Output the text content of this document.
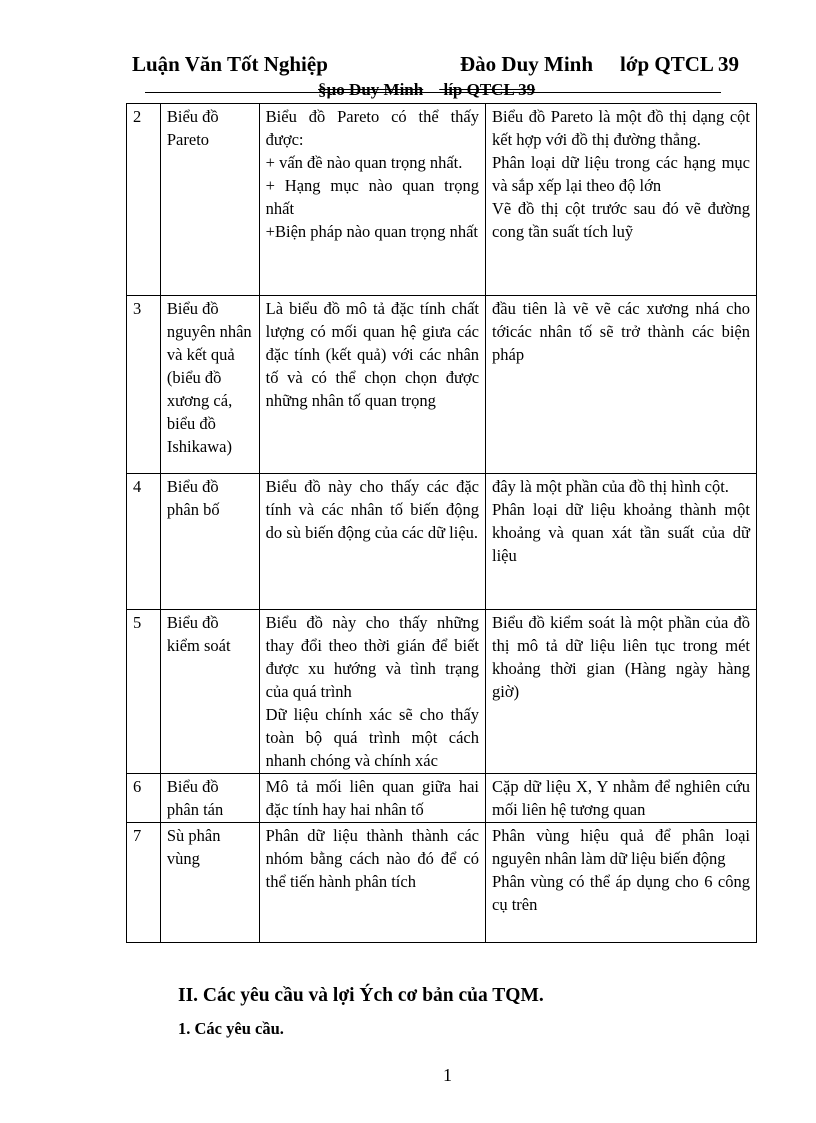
Luận Văn Tốt Nghiệp	Đào Duy Minh lớp QTCL 39
§µo Duy Minh líp QTCL 39
2	Biểu đồ Pareto	Biểu đồ Pareto có thể thấy được:
+ vấn đề nào quan trọng nhất.
+ Hạng mục nào quan trọng nhất
+Biện pháp nào quan trọng nhất	Biểu đồ Pareto là một đồ thị dạng cột kết hợp với đồ thị đường thẳng.
Phân loại dữ liệu trong các hạng mục và sắp xếp lại theo độ lớn
Vẽ đồ thị cột trước sau đó vẽ đường cong tần suất tích luỹ

3	Biểu đồ nguyên nhân và kết quả (biểu đồ xương cá, biểu đồ Ishikawa)	Là biểu đồ mô tả đặc tính chất lượng có mối quan hệ giưa các đặc tính (kết quả) với các nhân tố và có thể chọn chọn được những nhân tố quan trọng	đầu tiên là vẽ vẽ các xương nhá cho tớicác nhân tố sẽ trở thành các biện pháp

4	Biểu đồ phân bố	Biểu đồ này cho thấy các đặc tính và các nhân tố biến động do sù biến động của các dữ liệu.	đây là một phần của đồ thị hình cột.
Phân loại dữ liệu khoảng thành một khoảng và quan xát tần suất của dữ liệu

5	Biểu đồ kiểm soát	Biểu đồ này cho thấy những thay đổi theo thời gián để biết được xu hướng và tình trạng của quá trình
Dữ liệu chính xác sẽ cho thấy toàn bộ quá trình một cách nhanh chóng và chính xác	Biểu đồ kiểm soát là một phần của đồ thị mô tả dữ liệu liên tục trong mét khoảng thời gian (Hàng ngày hàng giờ)

6	Biểu đồ phân tán	Mô tả mối liên quan giữa hai đặc tính hay hai nhân tố	Cặp dữ liệu X, Y nhằm để nghiên cứu mối liên hệ tương quan

7	Sù phân vùng	Phân dữ liệu thành thành các nhóm bằng cách nào đó để có thể tiến hành phân tích	Phân vùng hiệu quả để phân loại nguyên nhân làm dữ liệu biến động
Phân vùng có thể áp dụng cho 6 công cụ trên
II. Các yêu cầu và lợi Ých cơ bản của TQM.
1. Các yêu cầu.
1
